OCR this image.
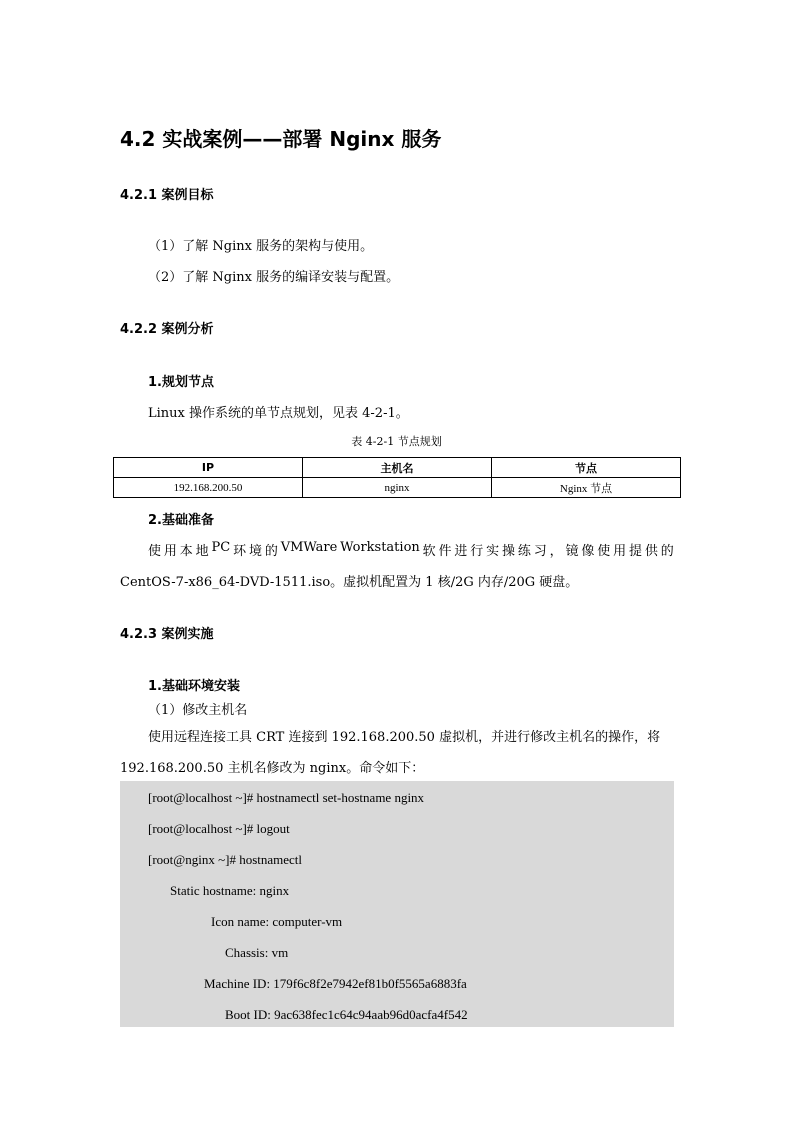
4.2 实战案例——部署 Nginx 服务
4.2.1 案例目标
（1）了解 Nginx 服务的架构与使用。
（2）了解 Nginx 服务的编译安装与配置。
4.2.2 案例分析
1.规划节点
Linux 操作系统的单节点规划，见表 4-2-1。
表 4-2-1 节点规划
IP	主机名	节点
192.168.200.50	nginx	Nginx 节点
2.基础准备
使 用 本 地 PC 环 境 的 VMWare Workstation 软 件 进 行 实 操 练 习 ， 镜 像 使 用 提 供 的
CentOS-7-x86_64-DVD-1511.iso。虚拟机配置为 1 核/2G 内存/20G 硬盘。
4.2.3 案例实施
1.基础环境安装
（1）修改主机名
使用远程连接工具 CRT 连接到 192.168.200.50 虚拟机，并进行修改主机名的操作，将
192.168.200.50 主机名修改为 nginx。命令如下：
[root@localhost ~]# hostnamectl set-hostname nginx
[root@localhost ~]# logout
[root@nginx ~]# hostnamectl
Static hostname: nginx
Icon name: computer-vm
Chassis: vm
Machine ID: 179f6c8f2e7942ef81b0f5565a6883fa
Boot ID: 9ac638fec1c64c94aab96d0acfa4f542
